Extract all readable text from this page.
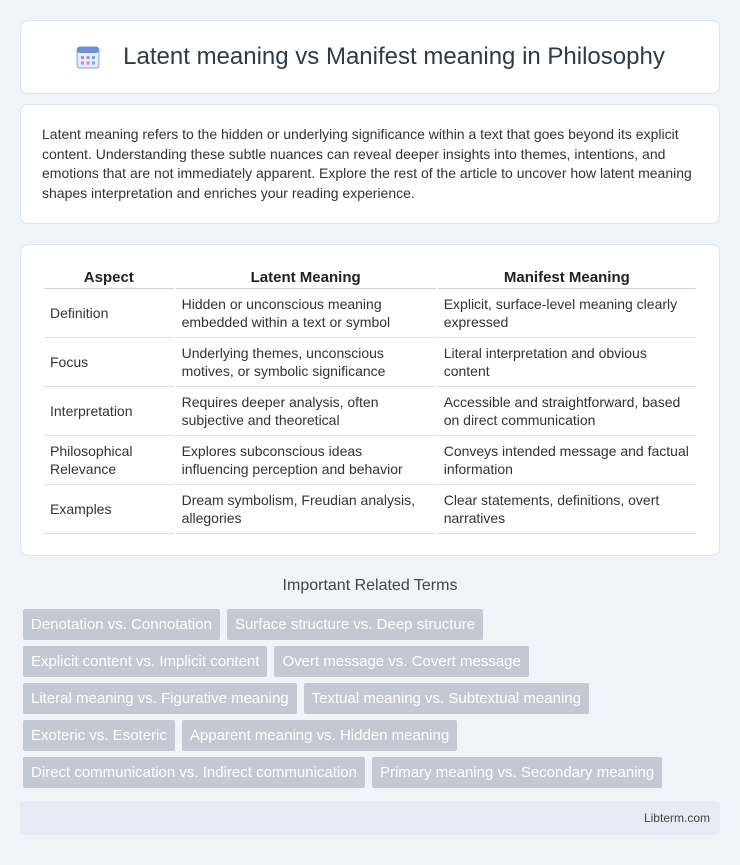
Latent meaning vs Manifest meaning in Philosophy

Latent meaning refers to the hidden or underlying significance within a text that goes beyond its explicit content. Understanding these subtle nuances can reveal deeper insights into themes, intentions, and emotions that are not immediately apparent. Explore the rest of the article to uncover how latent meaning shapes interpretation and enriches your reading experience.

Aspect	Latent Meaning	Manifest Meaning
Definition	Hidden or unconscious meaning embedded within a text or symbol	Explicit, surface-level meaning clearly expressed
Focus	Underlying themes, unconscious motives, or symbolic significance	Literal interpretation and obvious content
Interpretation	Requires deeper analysis, often subjective and theoretical	Accessible and straightforward, based on direct communication
Philosophical Relevance	Explores subconscious ideas influencing perception and behavior	Conveys intended message and factual information
Examples	Dream symbolism, Freudian analysis, allegories	Clear statements, definitions, overt narratives
Important Related Terms
Denotation vs. Connotation	Surface structure vs. Deep structure
Explicit content vs. Implicit content	Overt message vs. Covert message
Literal meaning vs. Figurative meaning	Textual meaning vs. Subtextual meaning
Exoteric vs. Esoteric	Apparent meaning vs. Hidden meaning
Direct communication vs. Indirect communication	Primary meaning vs. Secondary meaning
Libterm.com
